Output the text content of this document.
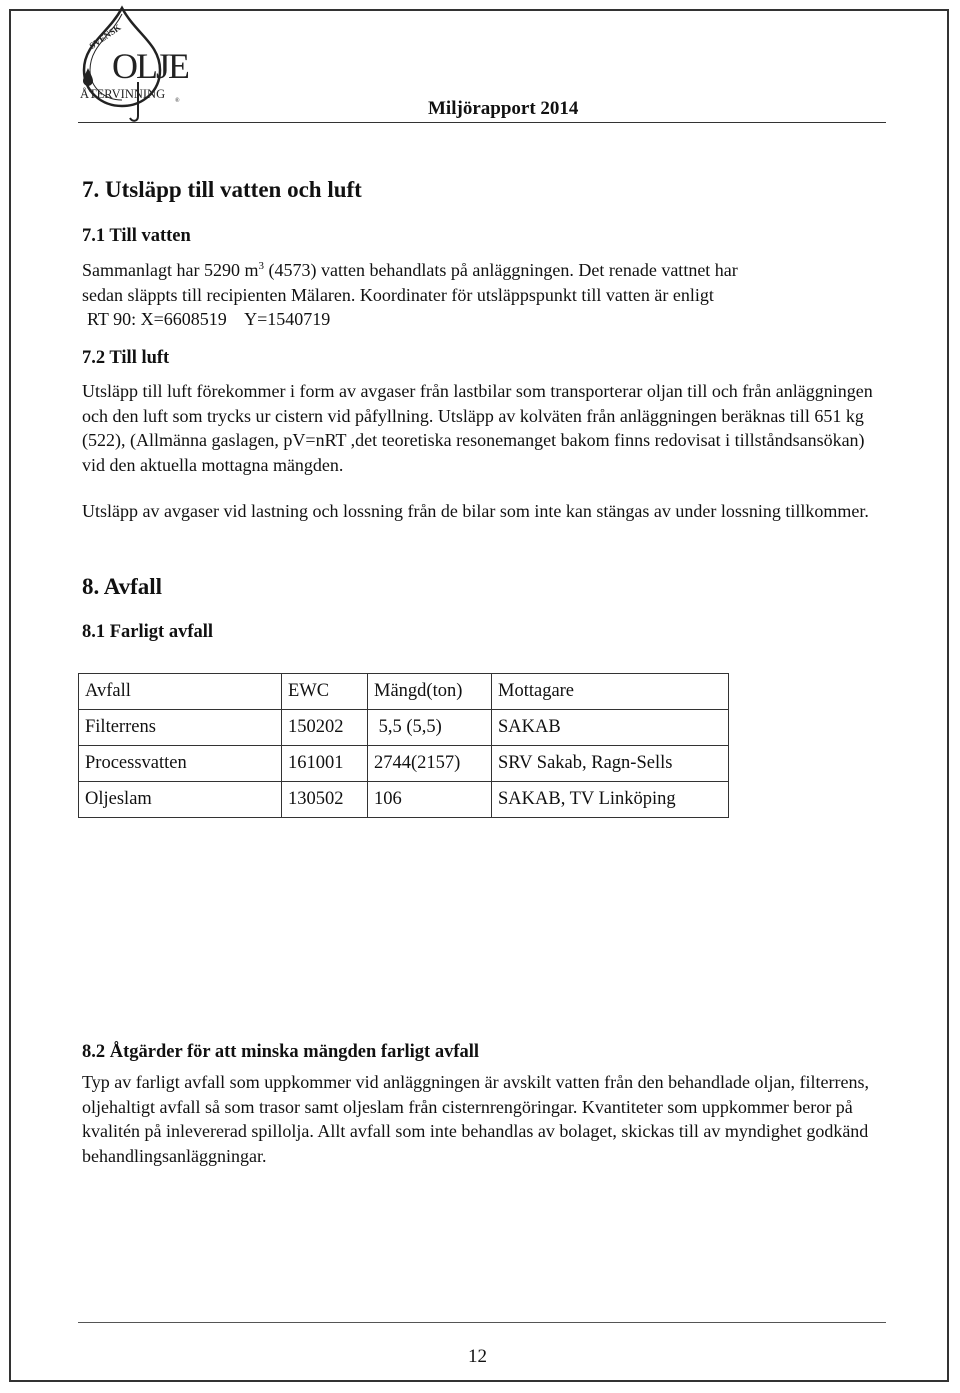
SVENSK
OLJE
ÅTERVINNING ®	Miljörapport 2014
7. Utsläpp till vatten och luft
7.1 Till vatten
Sammanlagt har 5290 $m^3$ (4573) vatten behandlats på anläggningen. Det renade vattnet har
sedan släppts till recipienten Mälaren. Koordinater för utsläppspunkt till vatten är enligt
RT 90: X=6608519    Y=1540719
7.2 Till luft

Utsläpp till luft förekommer i form av avgaser från lastbilar som transporterar oljan till och från anläggningen och den luft som trycks ur cistern vid påfyllning. Utsläpp av kolväten från anläggningen beräknas till 651 kg (522), (Allmänna gaslagen, pV=nRT ,det teoretiska resonemanget bakom finns redovisat i tillståndsansökan) vid den aktuella mottagna mängden.

Utsläpp av avgaser vid lastning och lossning från de bilar som inte kan stängas av under lossning tillkommer.

8. Avfall
8.1 Farligt avfall
Avfall	EWC	Mängd(ton)	Mottagare
Filterrens	150202	5,5 (5,5)	SAKAB
Processvatten	161001	2744(2157)	SRV Sakab, Ragn-Sells
Oljeslam	130502	106	SAKAB, TV Linköping
8.2 Åtgärder för att minska mängden farligt avfall

Typ av farligt avfall som uppkommer vid anläggningen är avskilt vatten från den behandlade oljan, filterrens, oljehaltigt avfall så som trasor samt oljeslam från cisternrengöringar. Kvantiteter som uppkommer beror på kvalitén på inlevererad spillolja. Allt avfall som inte behandlas av bolaget, skickas till av myndighet godkänd behandlingsanläggningar.

12
